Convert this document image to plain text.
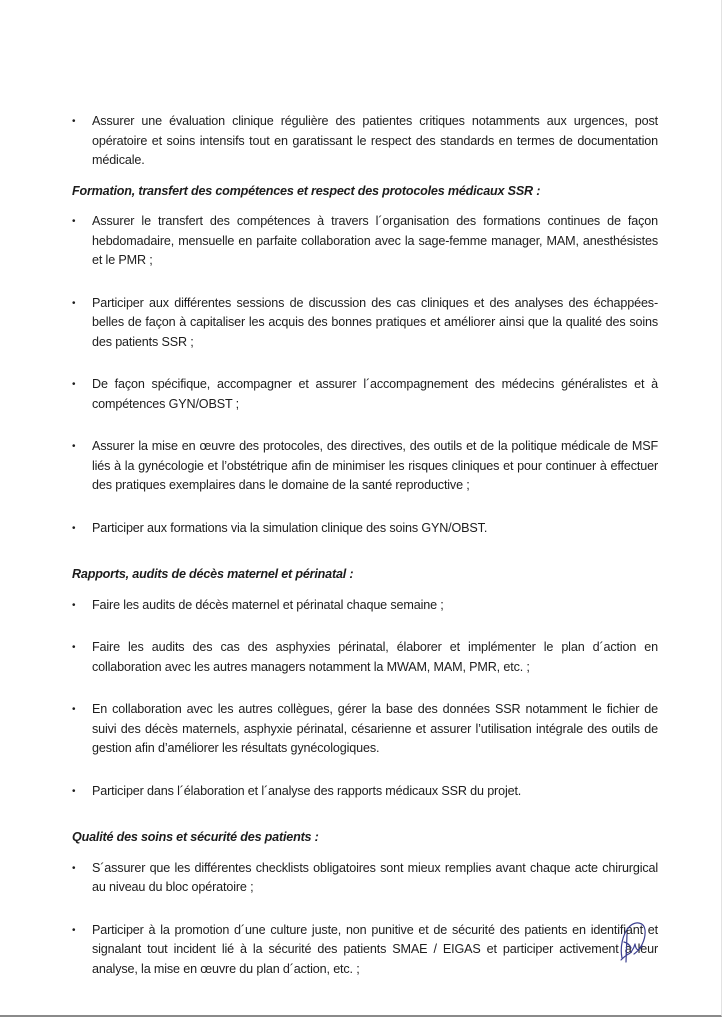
•	Assurer une évaluation clinique régulière des patientes critiques notamments aux urgences, post opératoire et soins intensifs tout en garatissant le respect des standards en termes de documentation médicale.

Formation, transfert des compétences et respect des protocoles médicaux SSR :

•	Assurer le transfert des compétences à travers l´organisation des formations continues de façon hebdomadaire, mensuelle en parfaite collaboration avec la sage-femme manager, MAM, anesthésistes et le PMR ;
•	Participer aux différentes sessions de discussion des cas cliniques et des analyses des échappées-belles de façon à capitaliser les acquis des bonnes pratiques et améliorer ainsi que la qualité des soins des patients SSR ;
•	De façon spécifique, accompagner et assurer l´accompagnement des médecins généralistes et à compétences GYN/OBST ;
•	Assurer la mise en œuvre des protocoles, des directives, des outils et de la politique médicale de MSF liés à la gynécologie et l’obstétrique afin de minimiser les risques cliniques et pour continuer à effectuer des pratiques exemplaires dans le domaine de la santé reproductive ;
•	Participer aux formations via la simulation clinique des soins GYN/OBST.

Rapports, audits de décès maternel et périnatal :

•	Faire les audits de décès maternel et périnatal chaque semaine ;
•	Faire les audits des cas des asphyxies périnatal, élaborer et implémenter le plan d´action en collaboration avec les autres managers notamment la MWAM, MAM, PMR, etc. ;
•	En collaboration avec les autres collègues, gérer la base des données SSR notamment le fichier de suivi des décès maternels, asphyxie périnatal, césarienne et assurer l’utilisation intégrale des outils de gestion afin d’améliorer les résultats gynécologiques.
•	Participer dans l´élaboration et l´analyse des rapports médicaux SSR du projet.

Qualité des soins et sécurité des patients :

•	S´assurer que les différentes checklists obligatoires sont mieux remplies avant chaque acte chirurgical au niveau du bloc opératoire ;
•	Participer à la promotion d´une culture juste, non punitive et de sécurité des patients en identifiant et signalant tout incident lié à la sécurité des patients SMAE / EIGAS et participer activement à leur analyse, la mise en œuvre du plan d´action, etc. ;
